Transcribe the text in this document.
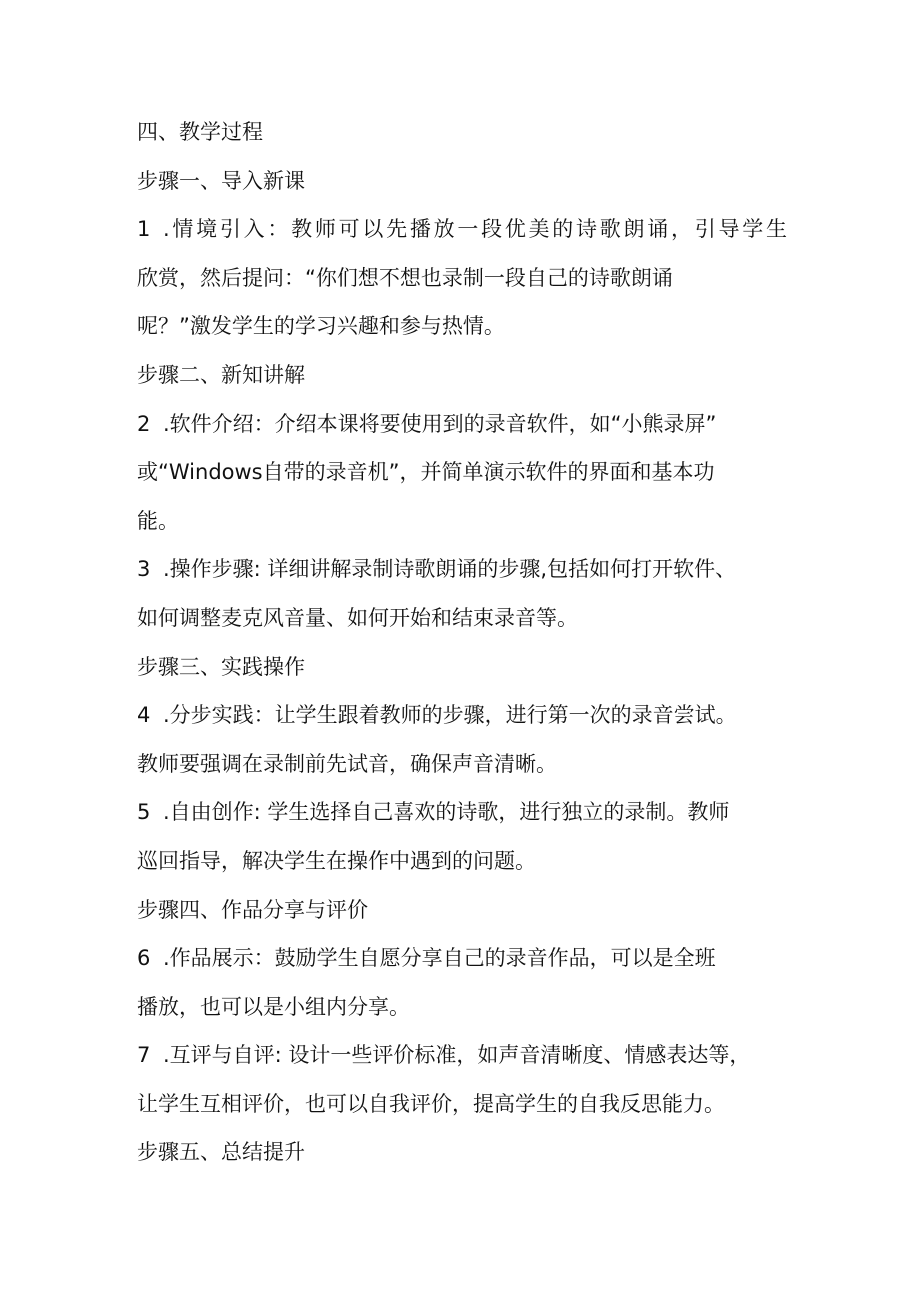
四、教学过程
步骤一、导入新课
1 .情境引入：教师可以先播放一段优美的诗歌朗诵，引导学生
欣赏，然后提问：“你们想不想也录制一段自己的诗歌朗诵
呢？”激发学生的学习兴趣和参与热情。
步骤二、新知讲解
2 .软件介绍：介绍本课将要使用到的录音软件，如“小熊录屏”
或“Windows自带的录音机”，并简单演示软件的界面和基本功
能。
3 .操作步骤: 详细讲解录制诗歌朗诵的步骤,包括如何打开软件、
如何调整麦克风音量、如何开始和结束录音等。
步骤三、实践操作
4 .分步实践：让学生跟着教师的步骤，进行第一次的录音尝试。
教师要强调在录制前先试音，确保声音清晰。
5 .自由创作: 学生选择自己喜欢的诗歌，进行独立的录制。教师
巡回指导，解决学生在操作中遇到的问题。
步骤四、作品分享与评价
6 .作品展示：鼓励学生自愿分享自己的录音作品，可以是全班
播放，也可以是小组内分享。
7 .互评与自评: 设计一些评价标准，如声音清晰度、情感表达等，
让学生互相评价，也可以自我评价，提高学生的自我反思能力。
步骤五、总结提升
